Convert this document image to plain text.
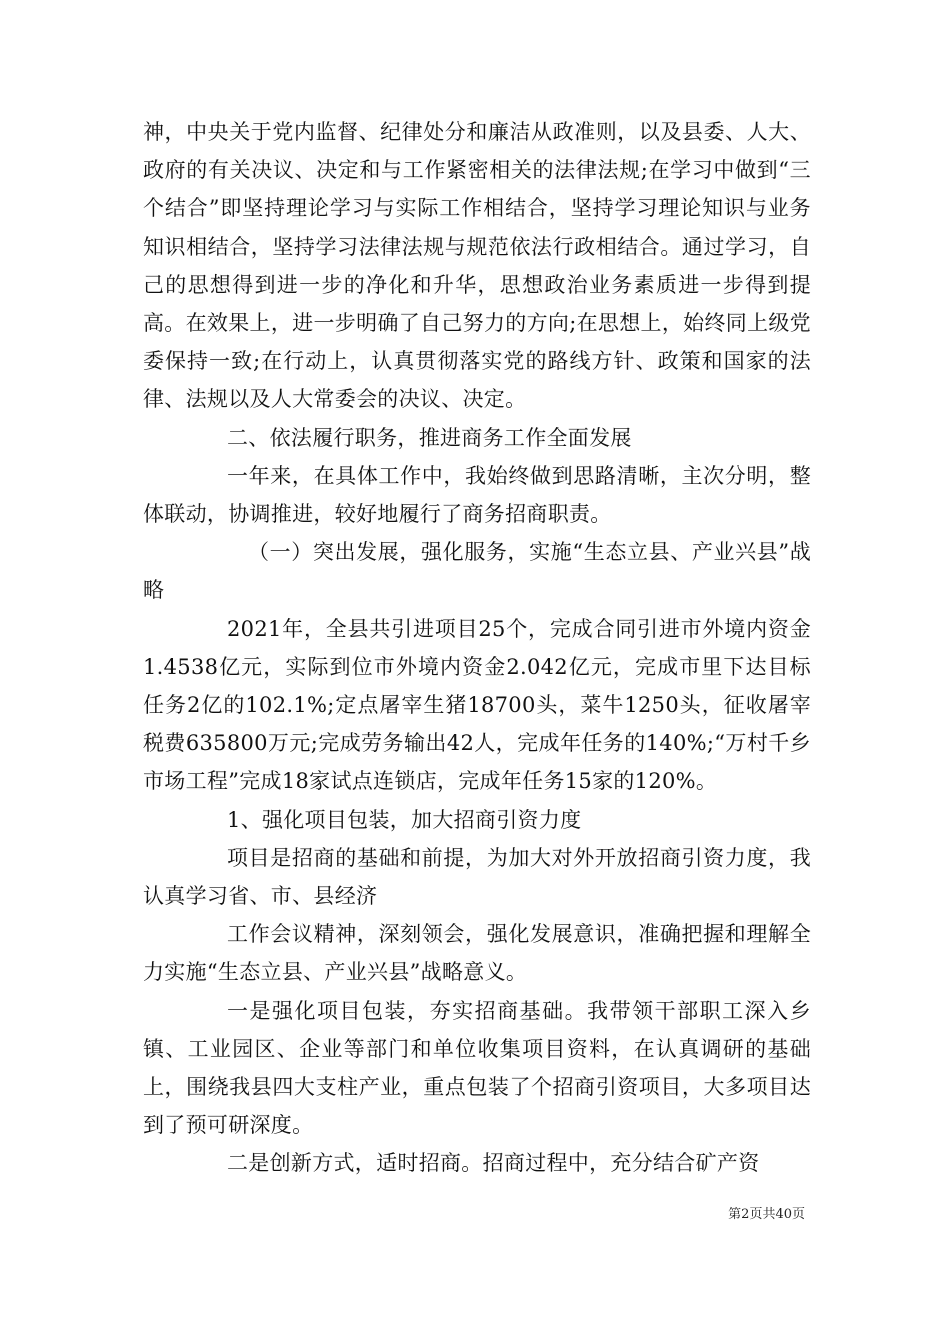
神，中央关于党内监督、纪律处分和廉洁从政准则，以及县委、人大、政府的有关决议、决定和与工作紧密相关的法律法规;在学习中做到“三个结合”即坚持理论学习与实际工作相结合，坚持学习理论知识与业务知识相结合，坚持学习法律法规与规范依法行政相结合。通过学习，自己的思想得到进一步的净化和升华，思想政治业务素质进一步得到提高。在效果上，进一步明确了自己努力的方向;在思想上，始终同上级党委保持一致;在行动上，认真贯彻落实党的路线方针、政策和国家的法律、法规以及人大常委会的决议、决定。

二、依法履行职务，推进商务工作全面发展

一年来，在具体工作中，我始终做到思路清晰，主次分明，整体联动，协调推进，较好地履行了商务招商职责。

（一）突出发展，强化服务，实施“生态立县、产业兴县”战略

2021年，全县共引进项目25个，完成合同引进市外境内资金1.4538亿元，实际到位市外境内资金2.042亿元，完成市里下达目标任务2亿的102.1%;定点屠宰生猪18700头，菜牛1250头，征收屠宰税费635800万元;完成劳务输出42人，完成年任务的140%;“万村千乡市场工程”完成18家试点连锁店，完成年任务15家的120%。

1、强化项目包装，加大招商引资力度

项目是招商的基础和前提，为加大对外开放招商引资力度，我认真学习省、市、县经济

工作会议精神，深刻领会，强化发展意识，准确把握和理解全力实施“生态立县、产业兴县”战略意义。

一是强化项目包装，夯实招商基础。我带领干部职工深入乡镇、工业园区、企业等部门和单位收集项目资料，在认真调研的基础上，围绕我县四大支柱产业，重点包装了个招商引资项目，大多项目达到了预可研深度。

二是创新方式，适时招商。招商过程中，充分结合矿产资

第2页共40页
